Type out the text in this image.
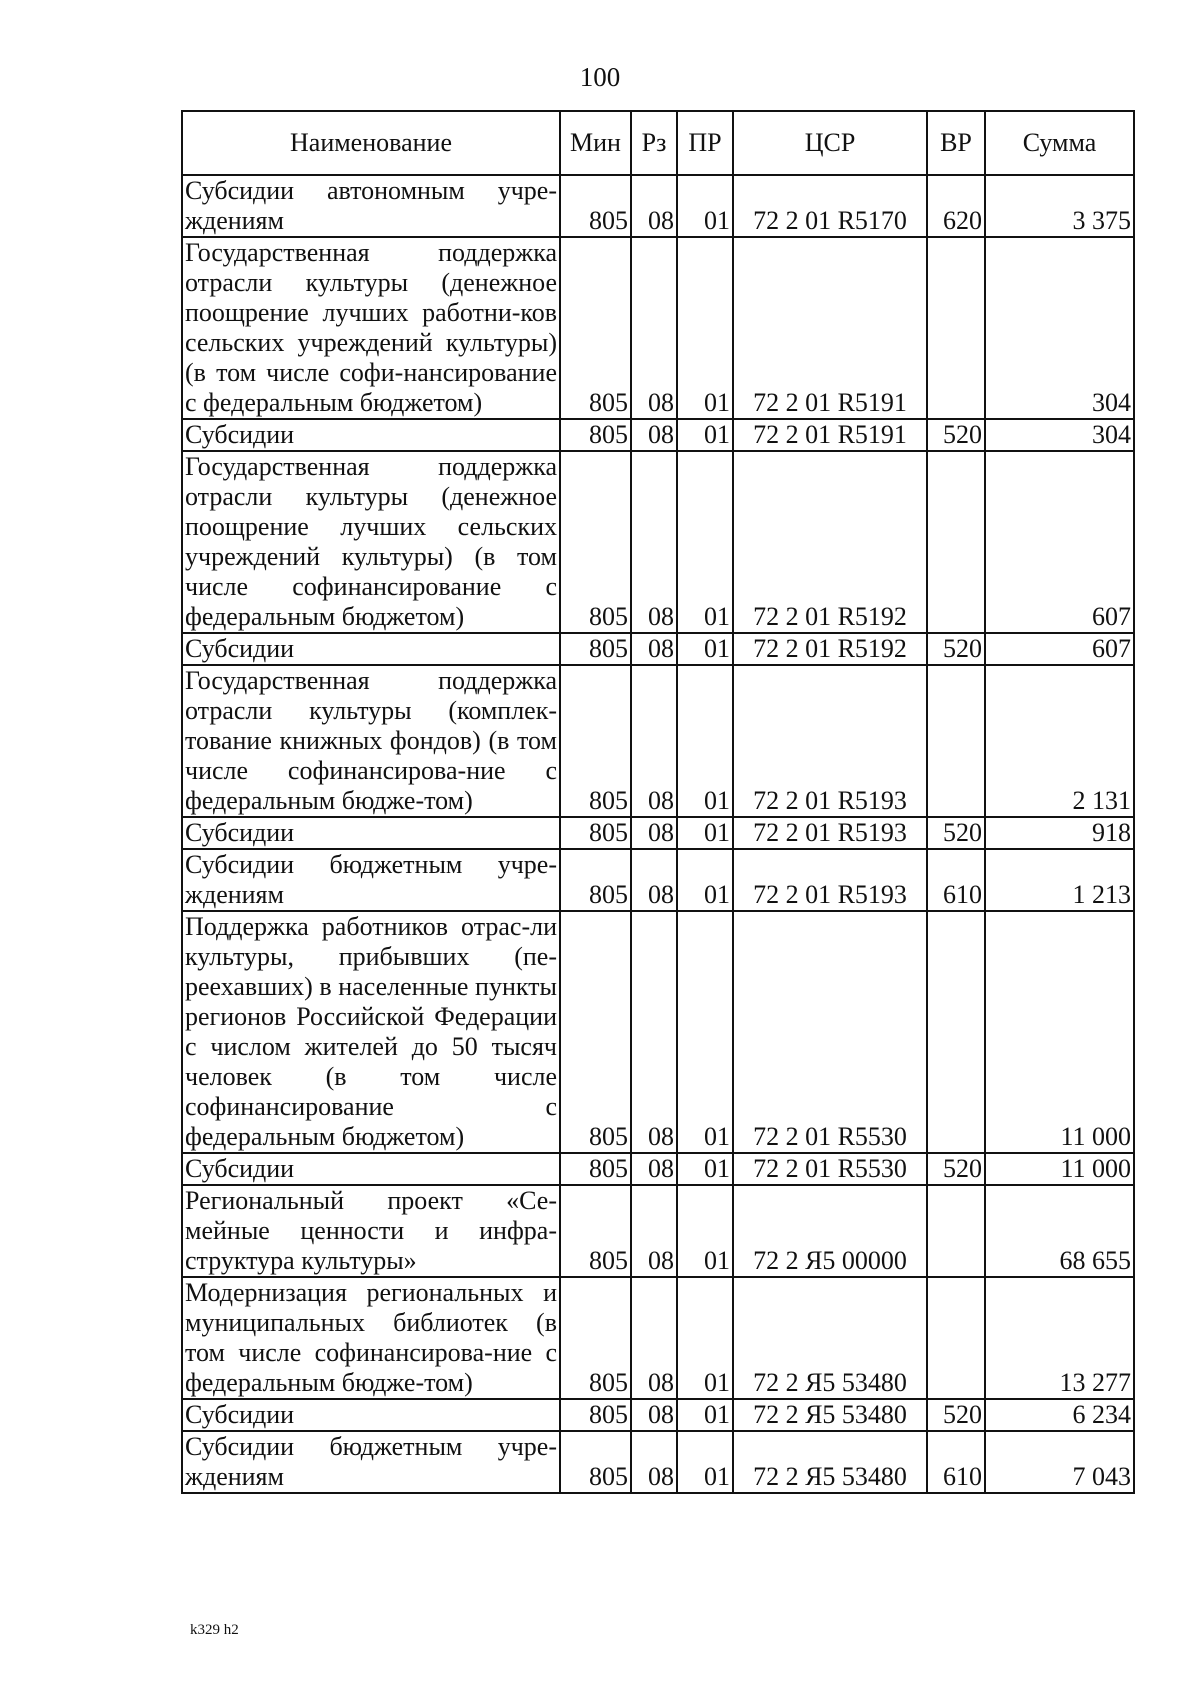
100
Наименование	Мин	Рз	ПР	ЦСР	ВР	Сумма
Субсидии автономным учре-ждениям	805	08	01	72 2 01 R5170	620	3 375
Государственная поддержка отрасли культуры (денежное поощрение лучших работни-ков сельских учреждений культуры) (в том числе софи-нансирование с федеральным бюджетом)	805	08	01	72 2 01 R5191		304
Субсидии	805	08	01	72 2 01 R5191	520	304
Государственная поддержка отрасли культуры (денежное поощрение лучших сельских учреждений культуры) (в том числе софинансирование с федеральным бюджетом)	805	08	01	72 2 01 R5192		607
Субсидии	805	08	01	72 2 01 R5192	520	607
Государственная поддержка отрасли культуры (комплек-тование книжных фондов) (в том числе софинансирова-ние с федеральным бюдже-том)	805	08	01	72 2 01 R5193		2 131
Субсидии	805	08	01	72 2 01 R5193	520	918
Субсидии бюджетным учре-ждениям	805	08	01	72 2 01 R5193	610	1 213
Поддержка работников отрас-ли культуры, прибывших (пе-реехавших) в населенные пункты регионов Российской Федерации с числом жителей до 50 тысяч человек (в том числе софинансирование с федеральным бюджетом)	805	08	01	72 2 01 R5530		11 000
Субсидии	805	08	01	72 2 01 R5530	520	11 000
Региональный проект «Се-мейные ценности и инфра-структура культуры»	805	08	01	72 2 Я5 00000		68 655
Модернизация региональных и муниципальных библиотек (в том числе софинансирова-ние с федеральным бюдже-том)	805	08	01	72 2 Я5 53480		13 277
Субсидии	805	08	01	72 2 Я5 53480	520	6 234
Субсидии бюджетным учре-ждениям	805	08	01	72 2 Я5 53480	610	7 043
k329 h2
